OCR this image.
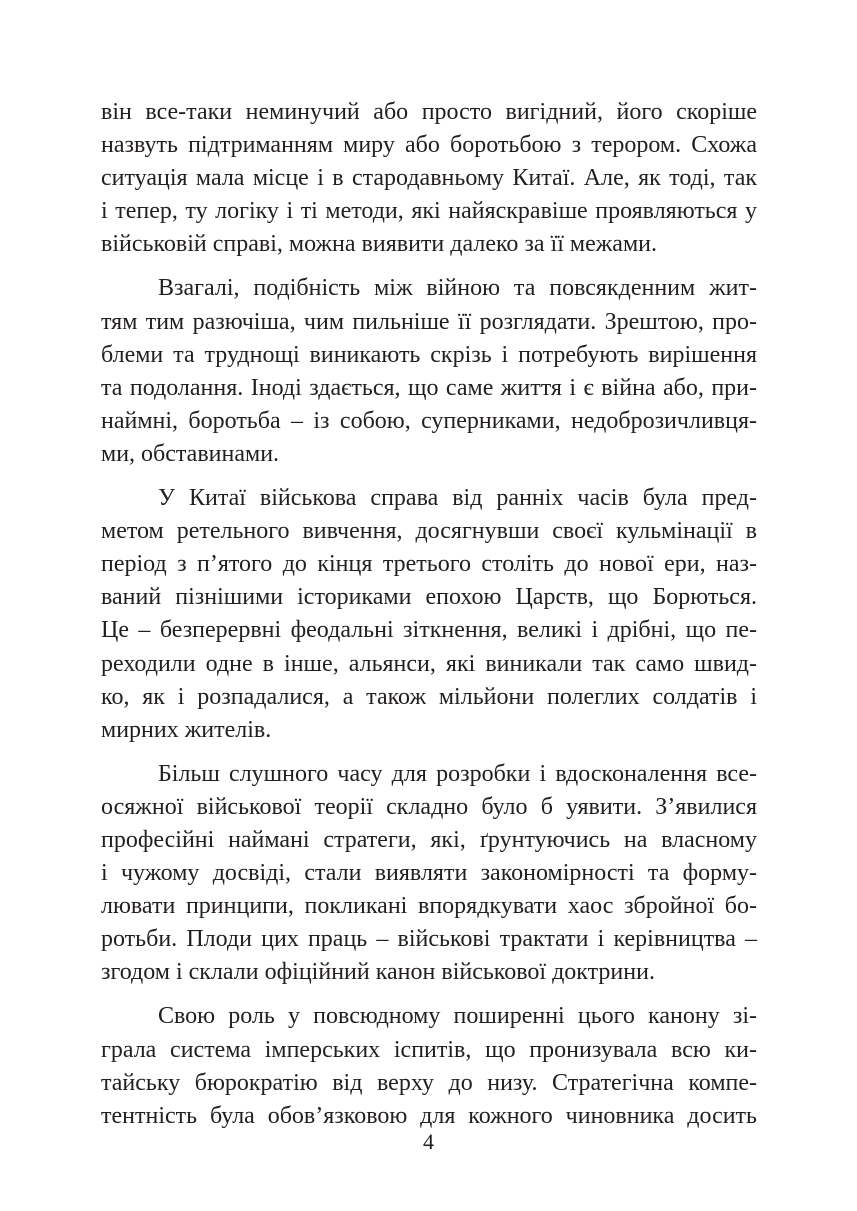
він все-таки неминучий або просто вигідний, його скоріше
назвуть підтриманням миру або боротьбою з терором. Схожа
ситуація мала місце і в стародавньому Китаї. Але, як тоді, так
і тепер, ту логіку і ті методи, які найяскравіше проявляються у
військовій справі, можна виявити далеко за її межами.

Взагалі, подібність між війною та повсякденним жит-
тям тим разючіша, чим пильніше її розглядати. Зрештою, про-
блеми та труднощі виникають скрізь і потребують вирішення
та подолання. Іноді здається, що саме життя і є війна або, при-
наймні, боротьба – із собою, суперниками, недоброзичливця-
ми, обставинами.

У Китаї військова справа від ранніх часів була пред-
метом ретельного вивчення, досягнувши своєї кульмінації в
період з п’ятого до кінця третього століть до нової ери, наз-
ваний пізнішими істориками епохою Царств, що Борються.
Це – безперервні феодальні зіткнення, великі і дрібні, що пе-
реходили одне в інше, альянси, які виникали так само швид-
ко, як і розпадалися, а також мільйони полеглих солдатів і
мирних жителів.

Більш слушного часу для розробки і вдосконалення все-
осяжної військової теорії складно було б уявити. З’явилися
професійні наймані стратеги, які, ґрунтуючись на власному
і чужому досвіді, стали виявляти закономірності та форму-
лювати принципи, покликані впорядкувати хаос збройної бо-
ротьби. Плоди цих праць – військові трактати і керівництва –
згодом і склали офіційний канон військової доктрини.

Свою роль у повсюдному поширенні цього канону зі-
грала система імперських іспитів, що пронизувала всю ки-
тайську бюрократію від верху до низу. Стратегічна компе-
тентність була обов’язковою для кожного чиновника досить

4
